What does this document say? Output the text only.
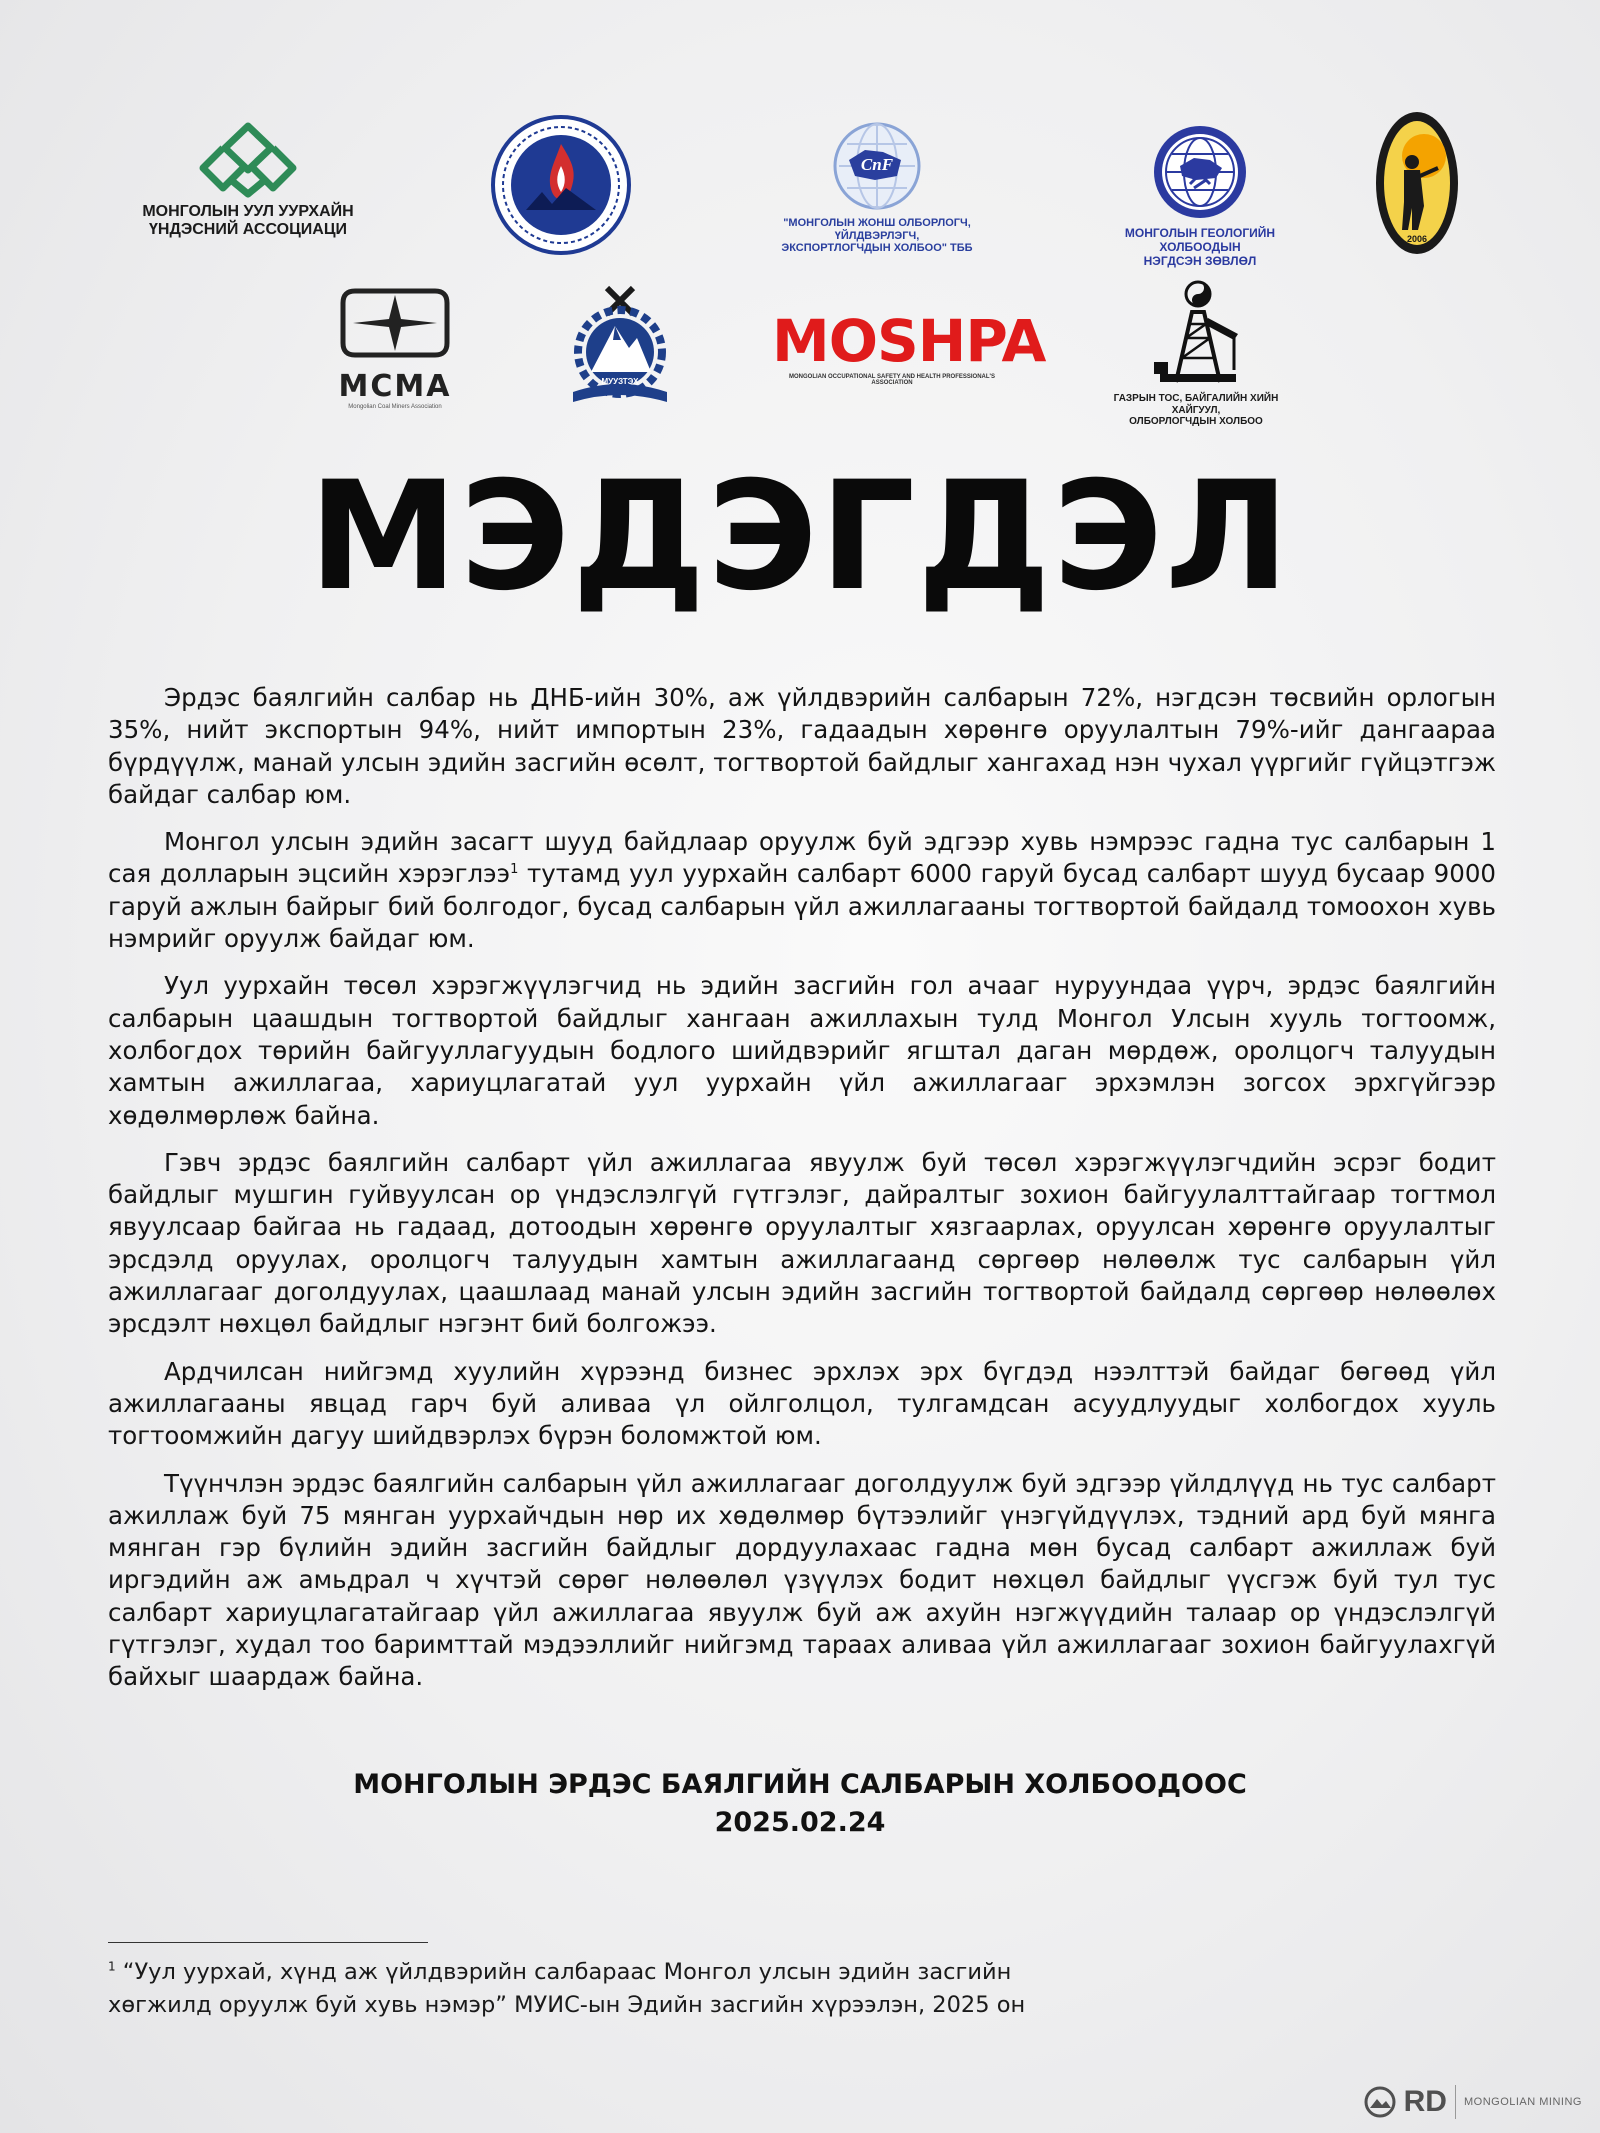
МОНГОЛЫН УУЛ УУРХАЙН
ҮНДЭСНИЙ АССОЦИАЦИ
CnF
"МОНГОЛЫН ЖОНШ ОЛБОРЛОГЧ, ҮЙЛДВЭРЛЭГЧ,
ЭКСПОРТЛОГЧДЫН ХОЛБОО" ТББ
МОНГОЛЫН ГЕОЛОГИЙН ХОЛБООДЫН
НЭГДСЭН ЗӨВЛӨЛ
2006
MCMA
Mongolian Coal Miners Association
МУУЗТЭХ
MOSHPA
MONGOLIAN OCCUPATIONAL SAFETY AND HEALTH PROFESSIONAL'S ASSOCIATION
ГАЗРЫН ТОС, БАЙГАЛИЙН ХИЙН ХАЙГУУЛ,
ОЛБОРЛОГЧДЫН ХОЛБОО
МЭДЭГДЭЛ

Эрдэс баялгийн салбар нь ДНБ-ийн 30%, аж үйлдвэрийн салбарын 72%, нэгдсэн төсвийн орлогын 35%, нийт экспортын 94%, нийт импортын 23%, гадаадын хөрөнгө оруулалтын 79%-ийг дангаараа бүрдүүлж, манай улсын эдийн засгийн өсөлт, тогтвортой байдлыг хангахад нэн чухал үүргийг гүйцэтгэж байдаг салбар юм.

Монгол улсын эдийн засагт шууд байдлаар оруулж буй эдгээр хувь нэмрээс гадна тус салбарын 1 сая долларын эцсийн хэрэглээ$^1$ тутамд уул уурхайн салбарт 6000 гаруй бусад салбарт шууд бусаар 9000 гаруй ажлын байрыг бий болгодог, бусад салбарын үйл ажиллагааны тогтвортой байдалд томоохон хувь нэмрийг оруулж байдаг юм.

Уул уурхайн төсөл хэрэгжүүлэгчид нь эдийн засгийн гол ачааг нуруундаа үүрч, эрдэс баялгийн салбарын цаашдын тогтвортой байдлыг хангаан ажиллахын тулд Монгол Улсын хууль тогтоомж, холбогдох төрийн байгууллагуудын бодлого шийдвэрийг ягштал даган мөрдөж, оролцогч талуудын хамтын ажиллагаа, хариуцлагатай уул уурхайн үйл ажиллагааг эрхэмлэн зогсох эрхгүйгээр хөдөлмөрлөж байна.

Гэвч эрдэс баялгийн салбарт үйл ажиллагаа явуулж буй төсөл хэрэгжүүлэгчдийн эсрэг бодит байдлыг мушгин гуйвуулсан ор үндэслэлгүй гүтгэлэг, дайралтыг зохион байгуулалттайгаар тогтмол явуулсаар байгаа нь гадаад, дотоодын хөрөнгө оруулалтыг хязгаарлах, оруулсан хөрөнгө оруулалтыг эрсдэлд оруулах, оролцогч талуудын хамтын ажиллагаанд сөргөөр нөлөөлж тус салбарын үйл ажиллагааг доголдуулах, цаашлаад манай улсын эдийн засгийн тогтвортой байдалд сөргөөр нөлөөлөх эрсдэлт нөхцөл байдлыг нэгэнт бий болгожээ.

Ардчилсан нийгэмд хуулийн хүрээнд бизнес эрхлэх эрх бүгдэд нээлттэй байдаг бөгөөд үйл ажиллагааны явцад гарч буй аливаа үл ойлголцол, тулгамдсан асуудлуудыг холбогдох хууль тогтоомжийн дагуу шийдвэрлэх бүрэн боломжтой юм.

Түүнчлэн эрдэс баялгийн салбарын үйл ажиллагааг доголдуулж буй эдгээр үйлдлүүд нь тус салбарт ажиллаж буй 75 мянган уурхайчдын нөр их хөдөлмөр бүтээлийг үнэгүйдүүлэх, тэдний ард буй мянга мянган гэр бүлийн эдийн засгийн байдлыг дордуулахаас гадна мөн бусад салбарт ажиллаж буй иргэдийн аж амьдрал ч хүчтэй сөрөг нөлөөлөл үзүүлэх бодит нөхцөл байдлыг үүсгэж буй тул тус салбарт хариуцлагатайгаар үйл ажиллагаа явуулж буй аж ахуйн нэгжүүдийн талаар ор үндэслэлгүй гүтгэлэг, худал тоо баримттай мэдээллийг нийгэмд тараах аливаа үйл ажиллагааг зохион байгуулахгүй байхыг шаардаж байна.

МОНГОЛЫН ЭРДЭС БАЯЛГИЙН САЛБАРЫН ХОЛБООДООС
2025.02.24
$^1$ “Уул уурхай, хүнд аж үйлдвэрийн салбараас Монгол улсын эдийн засгийн
хөгжилд оруулж буй хувь нэмэр” МУИС-ын Эдийн засгийн хүрээлэн, 2025 он
RD MONGOLIAN MINING
